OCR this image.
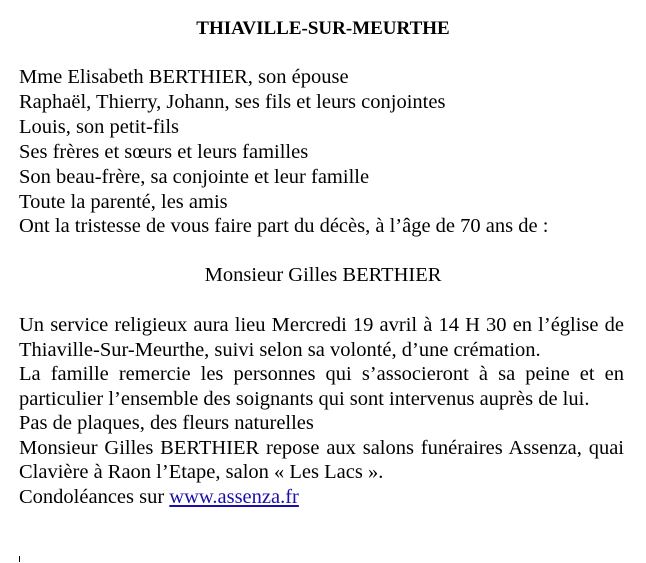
THIAVILLE-SUR-MEURTHE
Mme Elisabeth BERTHIER, son épouse
Raphaël, Thierry, Johann, ses fils et leurs conjointes
Louis, son petit-fils
Ses frères et sœurs et leurs familles
Son beau-frère, sa conjointe et leur famille
Toute la parenté, les amis
Ont la tristesse de vous faire part du décès, à l’âge de 70 ans de :
Monsieur Gilles BERTHIER
Un service religieux aura lieu Mercredi 19 avril à 14 H 30 en l’église de Thiaville-Sur-Meurthe, suivi selon sa volonté, d’une crémation.
La famille remercie les personnes qui s’associeront à sa peine et en particulier l’ensemble des soignants qui sont intervenus auprès de lui.
Pas de plaques, des fleurs naturelles
Monsieur Gilles BERTHIER repose aux salons funéraires Assenza, quai Clavière à Raon l’Etape, salon « Les Lacs ».
Condoléances sur www.assenza.fr
